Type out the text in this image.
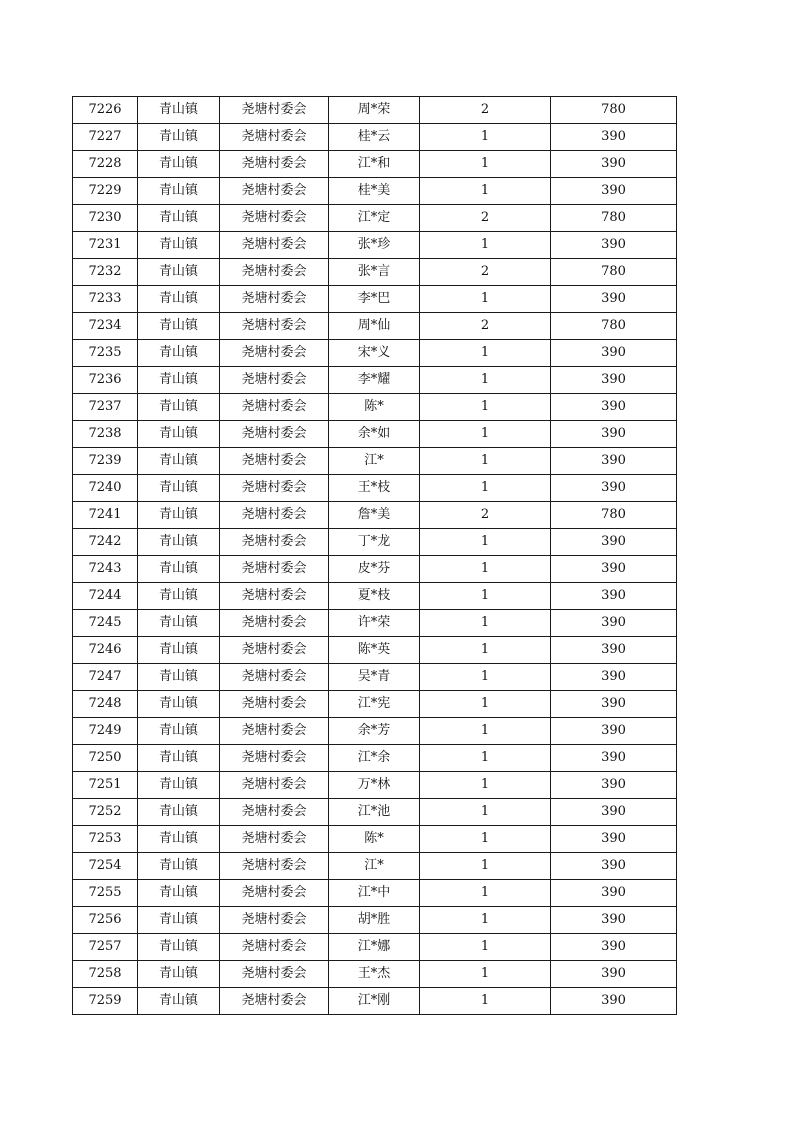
7226	青山镇	尧塘村委会	周*荣	2	780
7227	青山镇	尧塘村委会	桂*云	1	390
7228	青山镇	尧塘村委会	江*和	1	390
7229	青山镇	尧塘村委会	桂*美	1	390
7230	青山镇	尧塘村委会	江*定	2	780
7231	青山镇	尧塘村委会	张*珍	1	390
7232	青山镇	尧塘村委会	张*言	2	780
7233	青山镇	尧塘村委会	李*巴	1	390
7234	青山镇	尧塘村委会	周*仙	2	780
7235	青山镇	尧塘村委会	宋*义	1	390
7236	青山镇	尧塘村委会	李*耀	1	390
7237	青山镇	尧塘村委会	陈*	1	390
7238	青山镇	尧塘村委会	余*如	1	390
7239	青山镇	尧塘村委会	江*	1	390
7240	青山镇	尧塘村委会	王*枝	1	390
7241	青山镇	尧塘村委会	詹*美	2	780
7242	青山镇	尧塘村委会	丁*龙	1	390
7243	青山镇	尧塘村委会	皮*芬	1	390
7244	青山镇	尧塘村委会	夏*枝	1	390
7245	青山镇	尧塘村委会	许*荣	1	390
7246	青山镇	尧塘村委会	陈*英	1	390
7247	青山镇	尧塘村委会	吴*青	1	390
7248	青山镇	尧塘村委会	江*宪	1	390
7249	青山镇	尧塘村委会	余*芳	1	390
7250	青山镇	尧塘村委会	江*余	1	390
7251	青山镇	尧塘村委会	万*林	1	390
7252	青山镇	尧塘村委会	江*池	1	390
7253	青山镇	尧塘村委会	陈*	1	390
7254	青山镇	尧塘村委会	江*	1	390
7255	青山镇	尧塘村委会	江*中	1	390
7256	青山镇	尧塘村委会	胡*胜	1	390
7257	青山镇	尧塘村委会	江*娜	1	390
7258	青山镇	尧塘村委会	王*杰	1	390
7259	青山镇	尧塘村委会	江*刚	1	390
